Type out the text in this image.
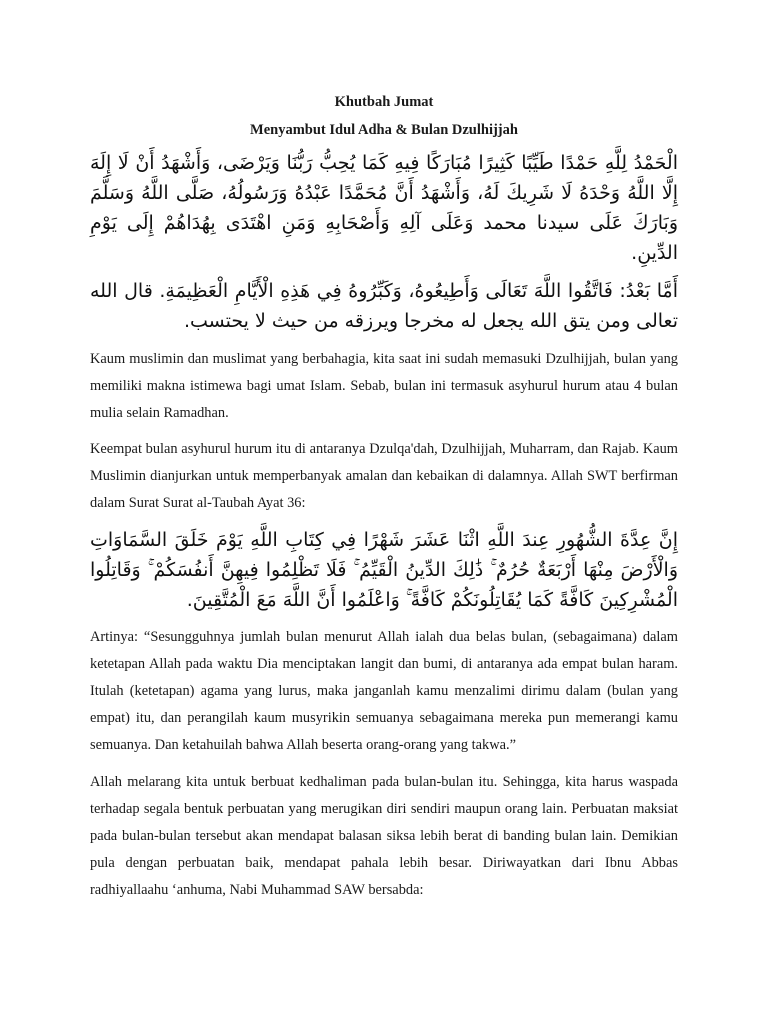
Khutbah Jumat

Menyambut Idul Adha & Bulan Dzulhijjah

الْحَمْدُ لِلَّهِ حَمْدًا طَيِّبًا كَثِيرًا مُبَارَكًا فِيهِ كَمَا يُحِبُّ رَبُّنَا وَيَرْضَى، وَأَشْهَدُ أَنْ لَا إِلَهَ إِلَّا اللَّهُ وَحْدَهُ لَا شَرِيكَ لَهُ، وَأَشْهَدُ أَنَّ مُحَمَّدًا عَبْدُهُ وَرَسُولُهُ، صَلَّى اللَّهُ وَسَلَّمَ وَبَارَكَ عَلَى سيدنا محمد وَعَلَى آلِهِ وَأَصْحَابِهِ وَمَنِ اهْتَدَى بِهُدَاهُمْ إِلَى يَوْمِ الدِّينِ.

أَمَّا بَعْدُ: فَاتَّقُوا اللَّهَ تَعَالَى وَأَطِيعُوهُ، وَكَبِّرُوهُ فِي هَذِهِ الْأَيَّامِ الْعَظِيمَةِ. قال الله تعالى ومن يتق الله يجعل له مخرجا ويرزقه من حيث لا يحتسب.

Kaum muslimin dan muslimat yang berbahagia, kita saat ini sudah memasuki Dzulhijjah, bulan yang memiliki makna istimewa bagi umat Islam. Sebab, bulan ini termasuk asyhurul hurum atau 4 bulan mulia selain Ramadhan.

Keempat bulan asyhurul hurum itu di antaranya Dzulqa'dah, Dzulhijjah, Muharram, dan Rajab. Kaum Muslimin dianjurkan untuk memperbanyak amalan dan kebaikan di dalamnya. Allah SWT berfirman dalam Surat Surat al-Taubah Ayat 36:

إِنَّ عِدَّةَ الشُّهُورِ عِندَ اللَّهِ اثْنَا عَشَرَ شَهْرًا فِي كِتَابِ اللَّهِ يَوْمَ خَلَقَ السَّمَاوَاتِ وَالْأَرْضَ مِنْهَا أَرْبَعَةٌ حُرُمٌ ۚ ذَٰلِكَ الدِّينُ الْقَيِّمُ ۚ فَلَا تَظْلِمُوا فِيهِنَّ أَنفُسَكُمْ ۚ وَقَاتِلُوا الْمُشْرِكِينَ كَافَّةً كَمَا يُقَاتِلُونَكُمْ كَافَّةً ۚ وَاعْلَمُوا أَنَّ اللَّهَ مَعَ الْمُتَّقِينَ.

Artinya: “Sesungguhnya jumlah bulan menurut Allah ialah dua belas bulan, (sebagaimana) dalam ketetapan Allah pada waktu Dia menciptakan langit dan bumi, di antaranya ada empat bulan haram. Itulah (ketetapan) agama yang lurus, maka janganlah kamu menzalimi dirimu dalam (bulan yang empat) itu, dan perangilah kaum musyrikin semuanya sebagaimana mereka pun memerangi kamu semuanya. Dan ketahuilah bahwa Allah beserta orang-orang yang takwa.”

Allah melarang kita untuk berbuat kedhaliman pada bulan-bulan itu. Sehingga, kita harus waspada terhadap segala bentuk perbuatan yang merugikan diri sendiri maupun orang lain. Perbuatan maksiat pada bulan-bulan tersebut akan mendapat balasan siksa lebih berat di banding bulan lain. Demikian pula dengan perbuatan baik, mendapat pahala lebih besar. Diriwayatkan dari Ibnu Abbas radhiyallaahu ‘anhuma, Nabi Muhammad SAW bersabda:
